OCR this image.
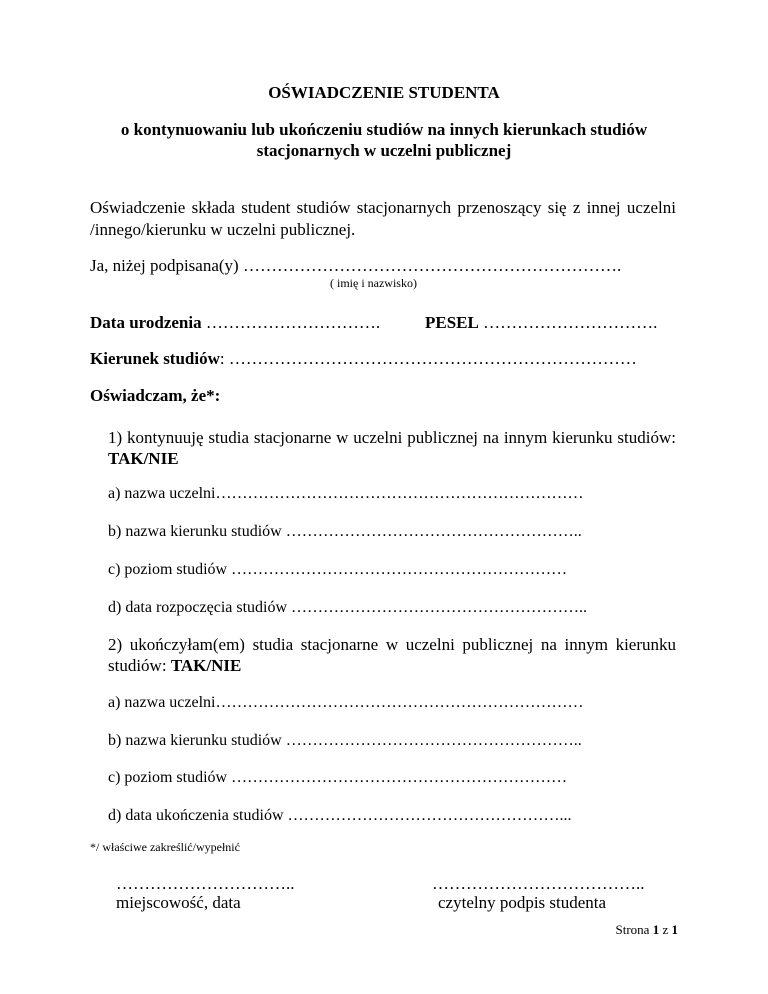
OŚWIADCZENIE STUDENTA
o kontynuowaniu lub ukończeniu studiów na innych kierunkach studiów
stacjonarnych w uczelni publicznej
Oświadczenie składa student studiów stacjonarnych przenoszący się z innej uczelni /innego/kierunku w uczelni publicznej.
Ja, niżej podpisana(y) ………………………………………………………….
( imię i nazwisko)
Data urodzenia ………………………….	PESEL ………………………….
Kierunek studiów: ………………………………………………………………
Oświadczam, że*:
1) kontynuuję studia stacjonarne w uczelni publicznej na innym kierunku studiów: TAK/NIE
a) nazwa uczelni……………………………………………………………
b) nazwa kierunku studiów ………………………………………………..
c) poziom studiów ………………………………………………………
d) data rozpoczęcia studiów ………………………………………………..
2) ukończyłam(em) studia stacjonarne w uczelni publicznej na innym kierunku studiów: TAK/NIE
a) nazwa uczelni……………………………………………………………
b) nazwa kierunku studiów ………………………………………………..
c) poziom studiów ………………………………………………………
d) data ukończenia studiów ……………………………………………...
*/ właściwe zakreślić/wypełnić
…………………………..
miejscowość, data
………………………………..
czytelny podpis studenta
Strona 1 z 1
